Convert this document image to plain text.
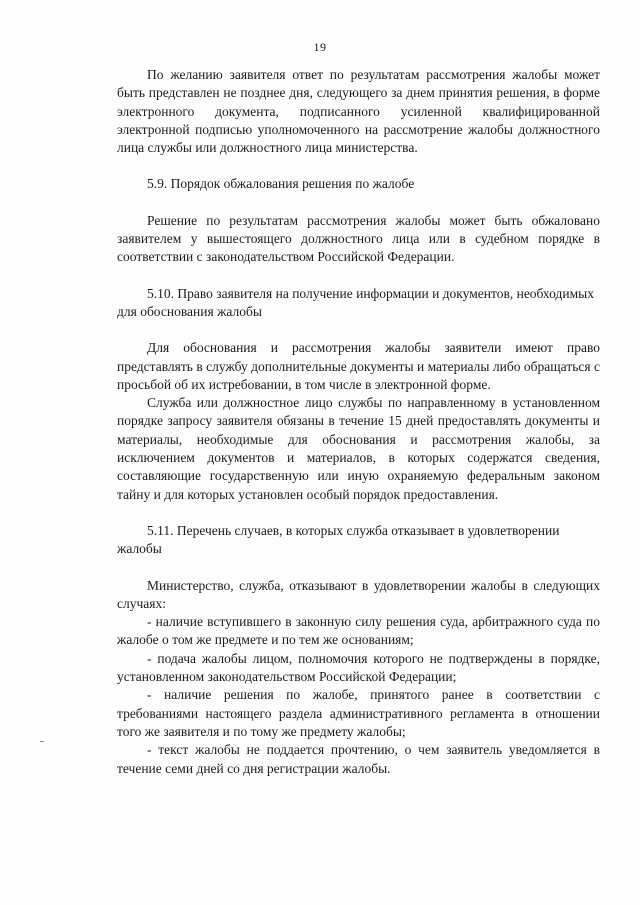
19

По желанию заявителя ответ по результатам рассмотрения жалобы может быть представлен не позднее дня, следующего за днем принятия решения, в форме электронного документа, подписанного усиленной квалифицированной электронной подписью уполномоченного на рассмотрение жалобы должностного лица службы или должностного лица министерства.

5.9. Порядок обжалования решения по жалобе

Решение по результатам рассмотрения жалобы может быть обжаловано заявителем у вышестоящего должностного лица или в судебном порядке в соответствии с законодательством Российской Федерации.

5.10. Право заявителя на получение информации и документов, необходимых для обоснования жалобы

Для обоснования и рассмотрения жалобы заявители имеют право представлять в службу дополнительные документы и материалы либо обращаться с просьбой об их истребовании, в том числе в электронной форме.

Служба или должностное лицо службы по направленному в установленном порядке запросу заявителя обязаны в течение 15 дней предоставлять документы и материалы, необходимые для обоснования и рассмотрения жалобы, за исключением документов и материалов, в которых содержатся сведения, составляющие государственную или иную охраняемую федеральным законом тайну и для которых установлен особый порядок предоставления.

5.11. Перечень случаев, в которых служба отказывает в удовлетворении жалобы

Министерство, служба, отказывают в удовлетворении жалобы в следующих случаях:

- наличие вступившего в законную силу решения суда, арбитражного суда по жалобе о том же предмете и по тем же основаниям;

- подача жалобы лицом, полномочия которого не подтверждены в порядке, установленном законодательством Российской Федерации;

- наличие решения по жалобе, принятого ранее в соответствии с требованиями настоящего раздела административного регламента в отношении того же заявителя и по тому же предмету жалобы;

- текст жалобы не поддается прочтению, о чем заявитель уведомляется в течение семи дней со дня регистрации жалобы.
